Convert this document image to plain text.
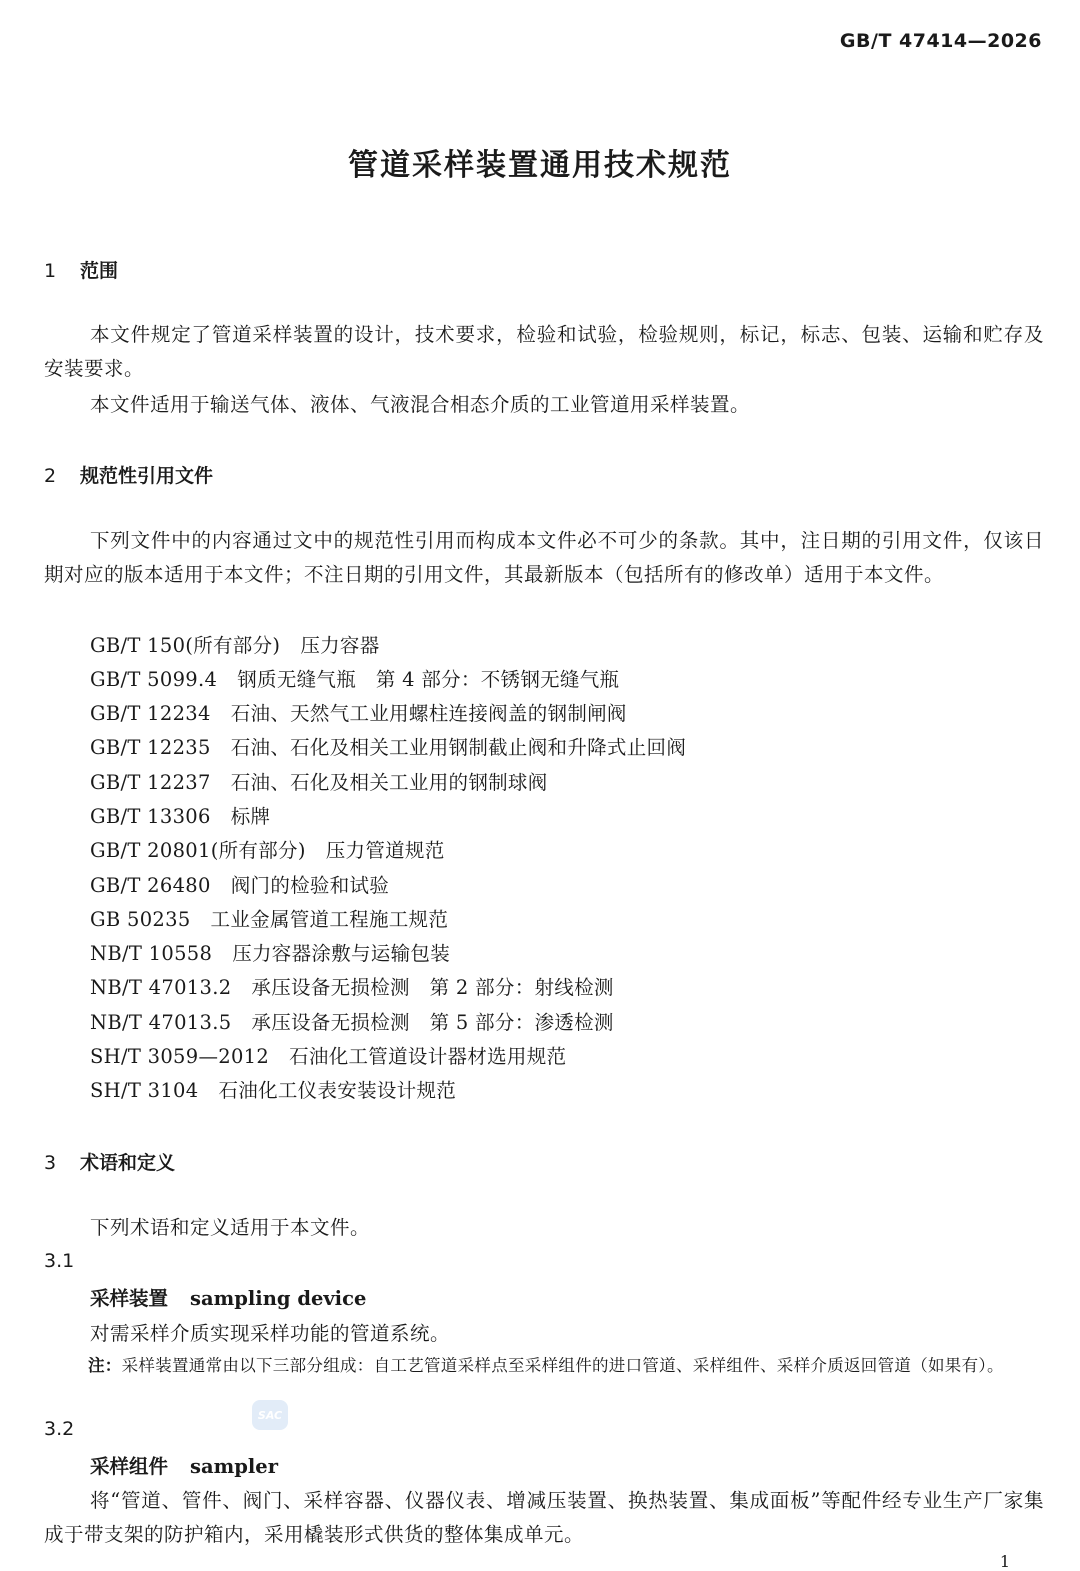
GB/T 47414—2026
管道采样装置通用技术规范
1 范围
本文件规定了管道采样装置的设计，技术要求，检验和试验，检验规则，标记，标志、包装、运输和贮存及安装要求。
本文件适用于输送气体、液体、气液混合相态介质的工业管道用采样装置。
2 规范性引用文件
下列文件中的内容通过文中的规范性引用而构成本文件必不可少的条款。其中，注日期的引用文件，仅该日期对应的版本适用于本文件；不注日期的引用文件，其最新版本（包括所有的修改单）适用于本文件。
GB/T 150(所有部分) 压力容器
GB/T 5099.4 钢质无缝气瓶　第 4 部分：不锈钢无缝气瓶
GB/T 12234 石油、天然气工业用螺柱连接阀盖的钢制闸阀
GB/T 12235 石油、石化及相关工业用钢制截止阀和升降式止回阀
GB/T 12237 石油、石化及相关工业用的钢制球阀
GB/T 13306 标牌
GB/T 20801(所有部分) 压力管道规范
GB/T 26480 阀门的检验和试验
GB 50235 工业金属管道工程施工规范
NB/T 10558 压力容器涂敷与运输包装
NB/T 47013.2 承压设备无损检测　第 2 部分：射线检测
NB/T 47013.5 承压设备无损检测　第 5 部分：渗透检测
SH/T 3059—2012 石油化工管道设计器材选用规范
SH/T 3104 石油化工仪表安装设计规范
3 术语和定义
下列术语和定义适用于本文件。
3.1
采样装置 sampling device
对需采样介质实现采样功能的管道系统。
注：采样装置通常由以下三部分组成：自工艺管道采样点至采样组件的进口管道、采样组件、采样介质返回管道（如果有）。
SAC
3.2
采样组件 sampler
将“管道、管件、阀门、采样容器、仪器仪表、增减压装置、换热装置、集成面板”等配件经专业生产厂家集成于带支架的防护箱内，采用橇装形式供货的整体集成单元。
1
